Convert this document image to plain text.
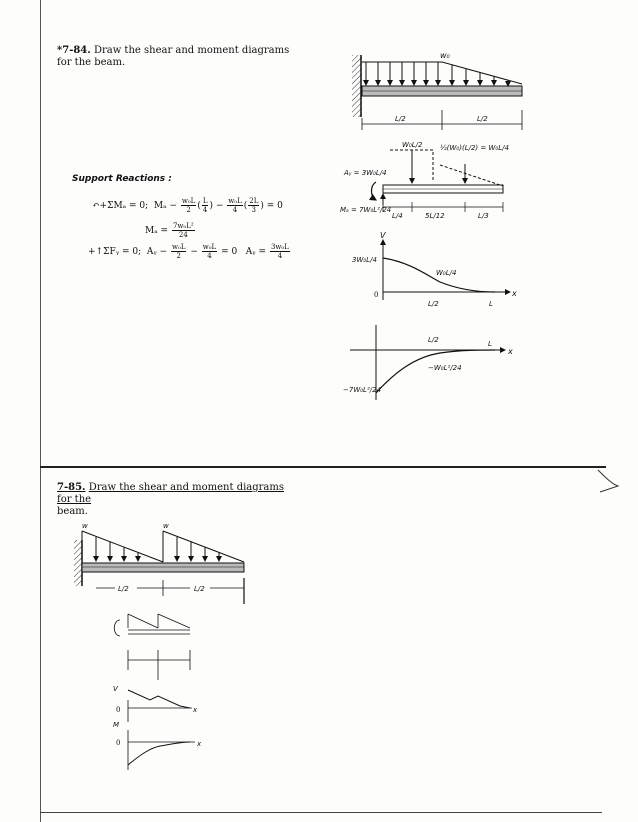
*7-84. Draw the shear and moment diagrams for the beam.

Support Reactions :
↶+ΣMₐ = 0; $M_a - \frac{\text{w₀L}}{2}$ ( $\frac{L}{4}$ ) − $\frac{\text{w₀L}}{4}$ ( $\frac{2L}{3}$ ) = 0
$M_a = \frac{\text{7w₀L²}}{24}$
+↑ΣFᵧ = 0; Aᵧ − $\frac{\text{w₀L}}{2} - \frac{\text{w₀L}}{4} = 0$ Aᵧ = $\frac{\text{3w₀L}}{4}$

7-85. Draw the shear and moment diagrams for the
beam.

w₀
L/2	L/2
Aᵧ = 3W₀L/4
Mₐ = 7W₀L²/24
W₀L/2	½(W₀)(L/2) = W₀L/4
L/4	5L/12	L/3
V
x
0
3W₀L/4
W₀L/4
L/2	L
−7W₀L²/24
−W₀L²/24
L/2	L
x
w	w
L/2	L/2
V
M
0
0
x
x
